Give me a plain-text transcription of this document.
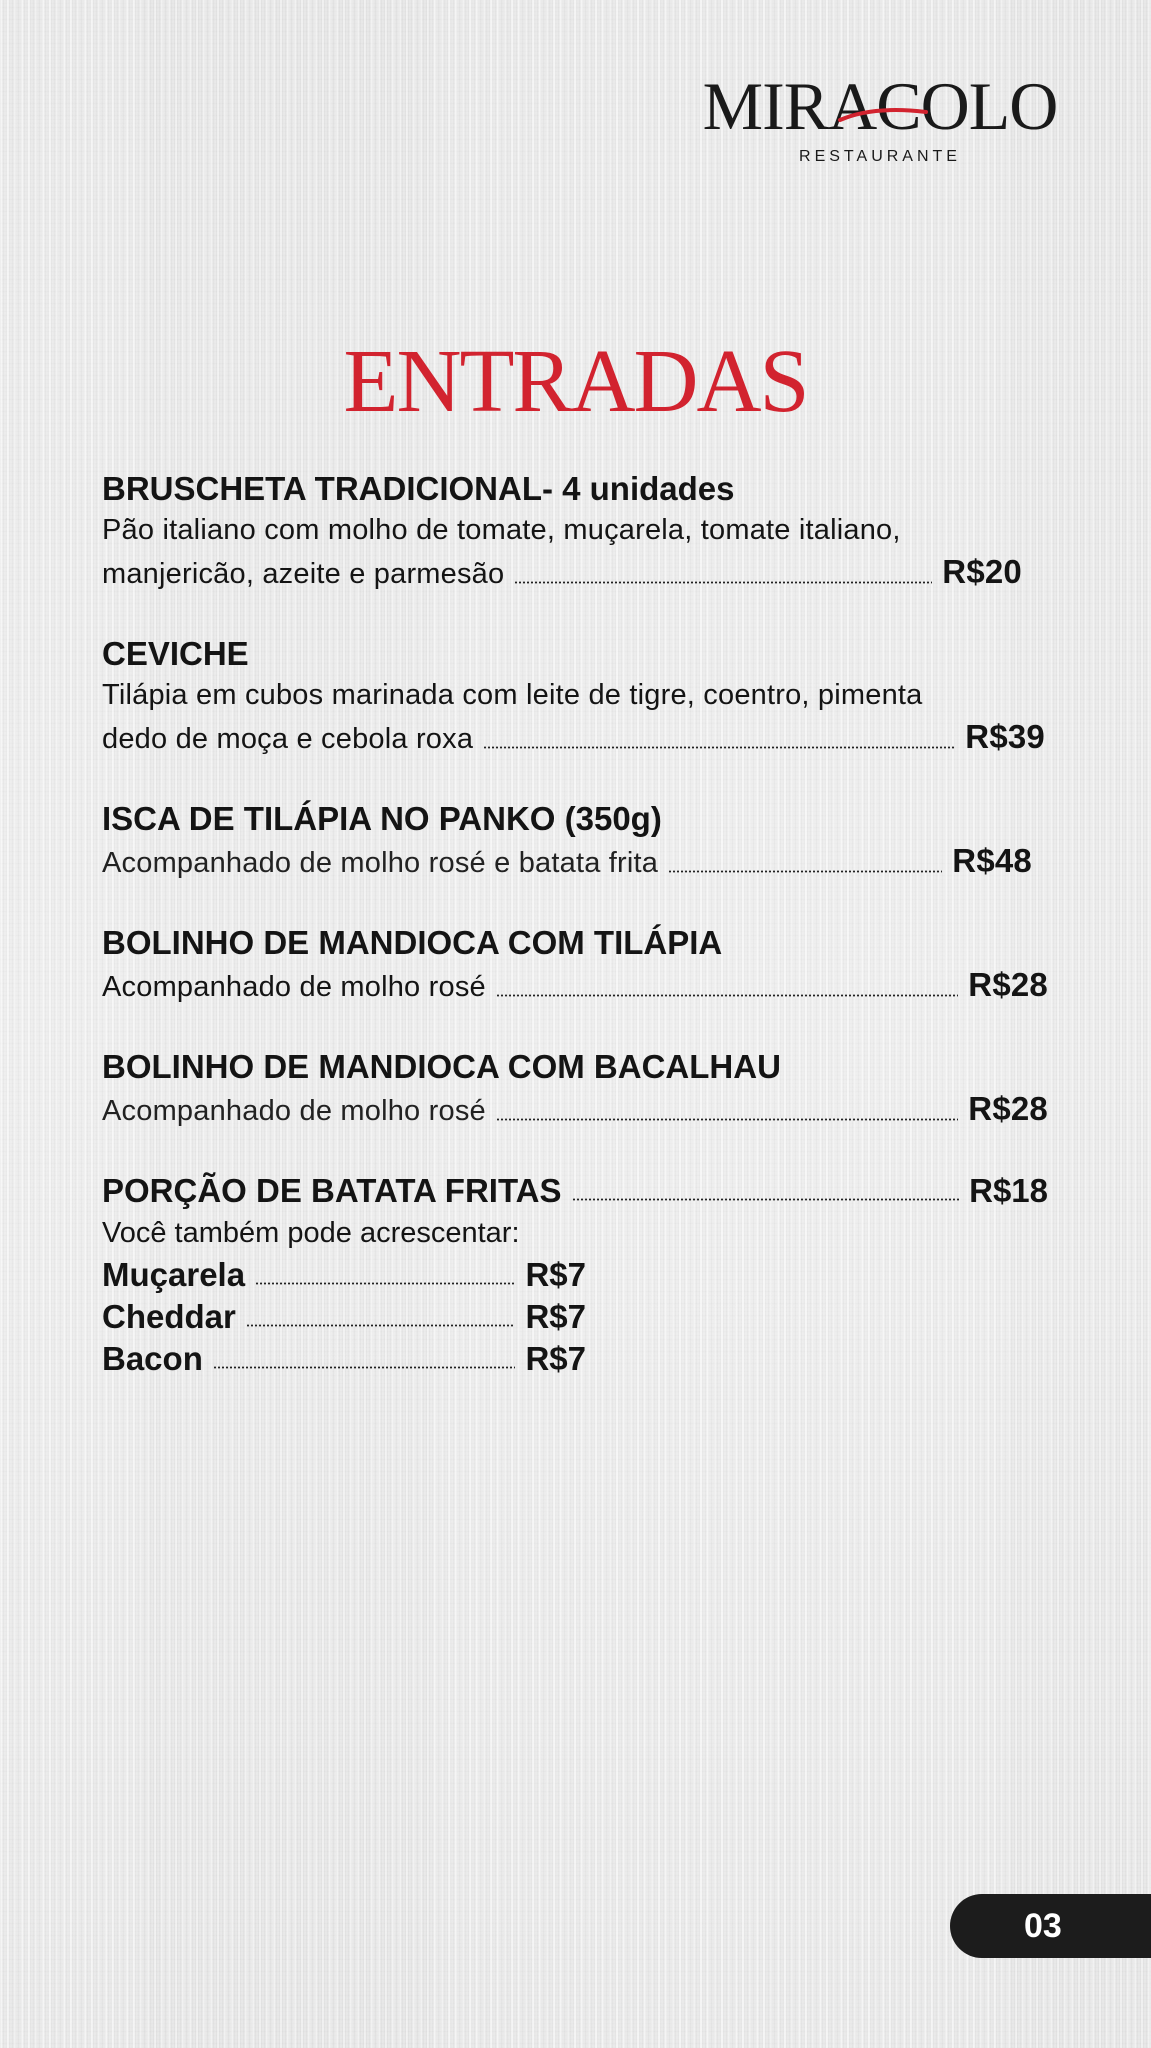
MIRACOLO
RESTAURANTE
ENTRADAS
BRUSCHETA TRADICIONAL- 4 unidades
Pão italiano com molho de tomate, muçarela, tomate italiano,
manjericão, azeite e parmesão	R$20
CEVICHE
Tilápia em cubos marinada com leite de tigre, coentro, pimenta
dedo de moça e cebola roxa	R$39
ISCA DE TILÁPIA NO PANKO (350g)
Acompanhado de molho rosé e batata frita	R$48
BOLINHO DE MANDIOCA COM TILÁPIA
Acompanhado de molho rosé	R$28
BOLINHO DE MANDIOCA COM BACALHAU
Acompanhado de molho rosé	R$28
PORÇÃO DE BATATA FRITAS	R$18
Você também pode acrescentar:
Muçarela	R$7
Cheddar	R$7
Bacon	R$7
03
